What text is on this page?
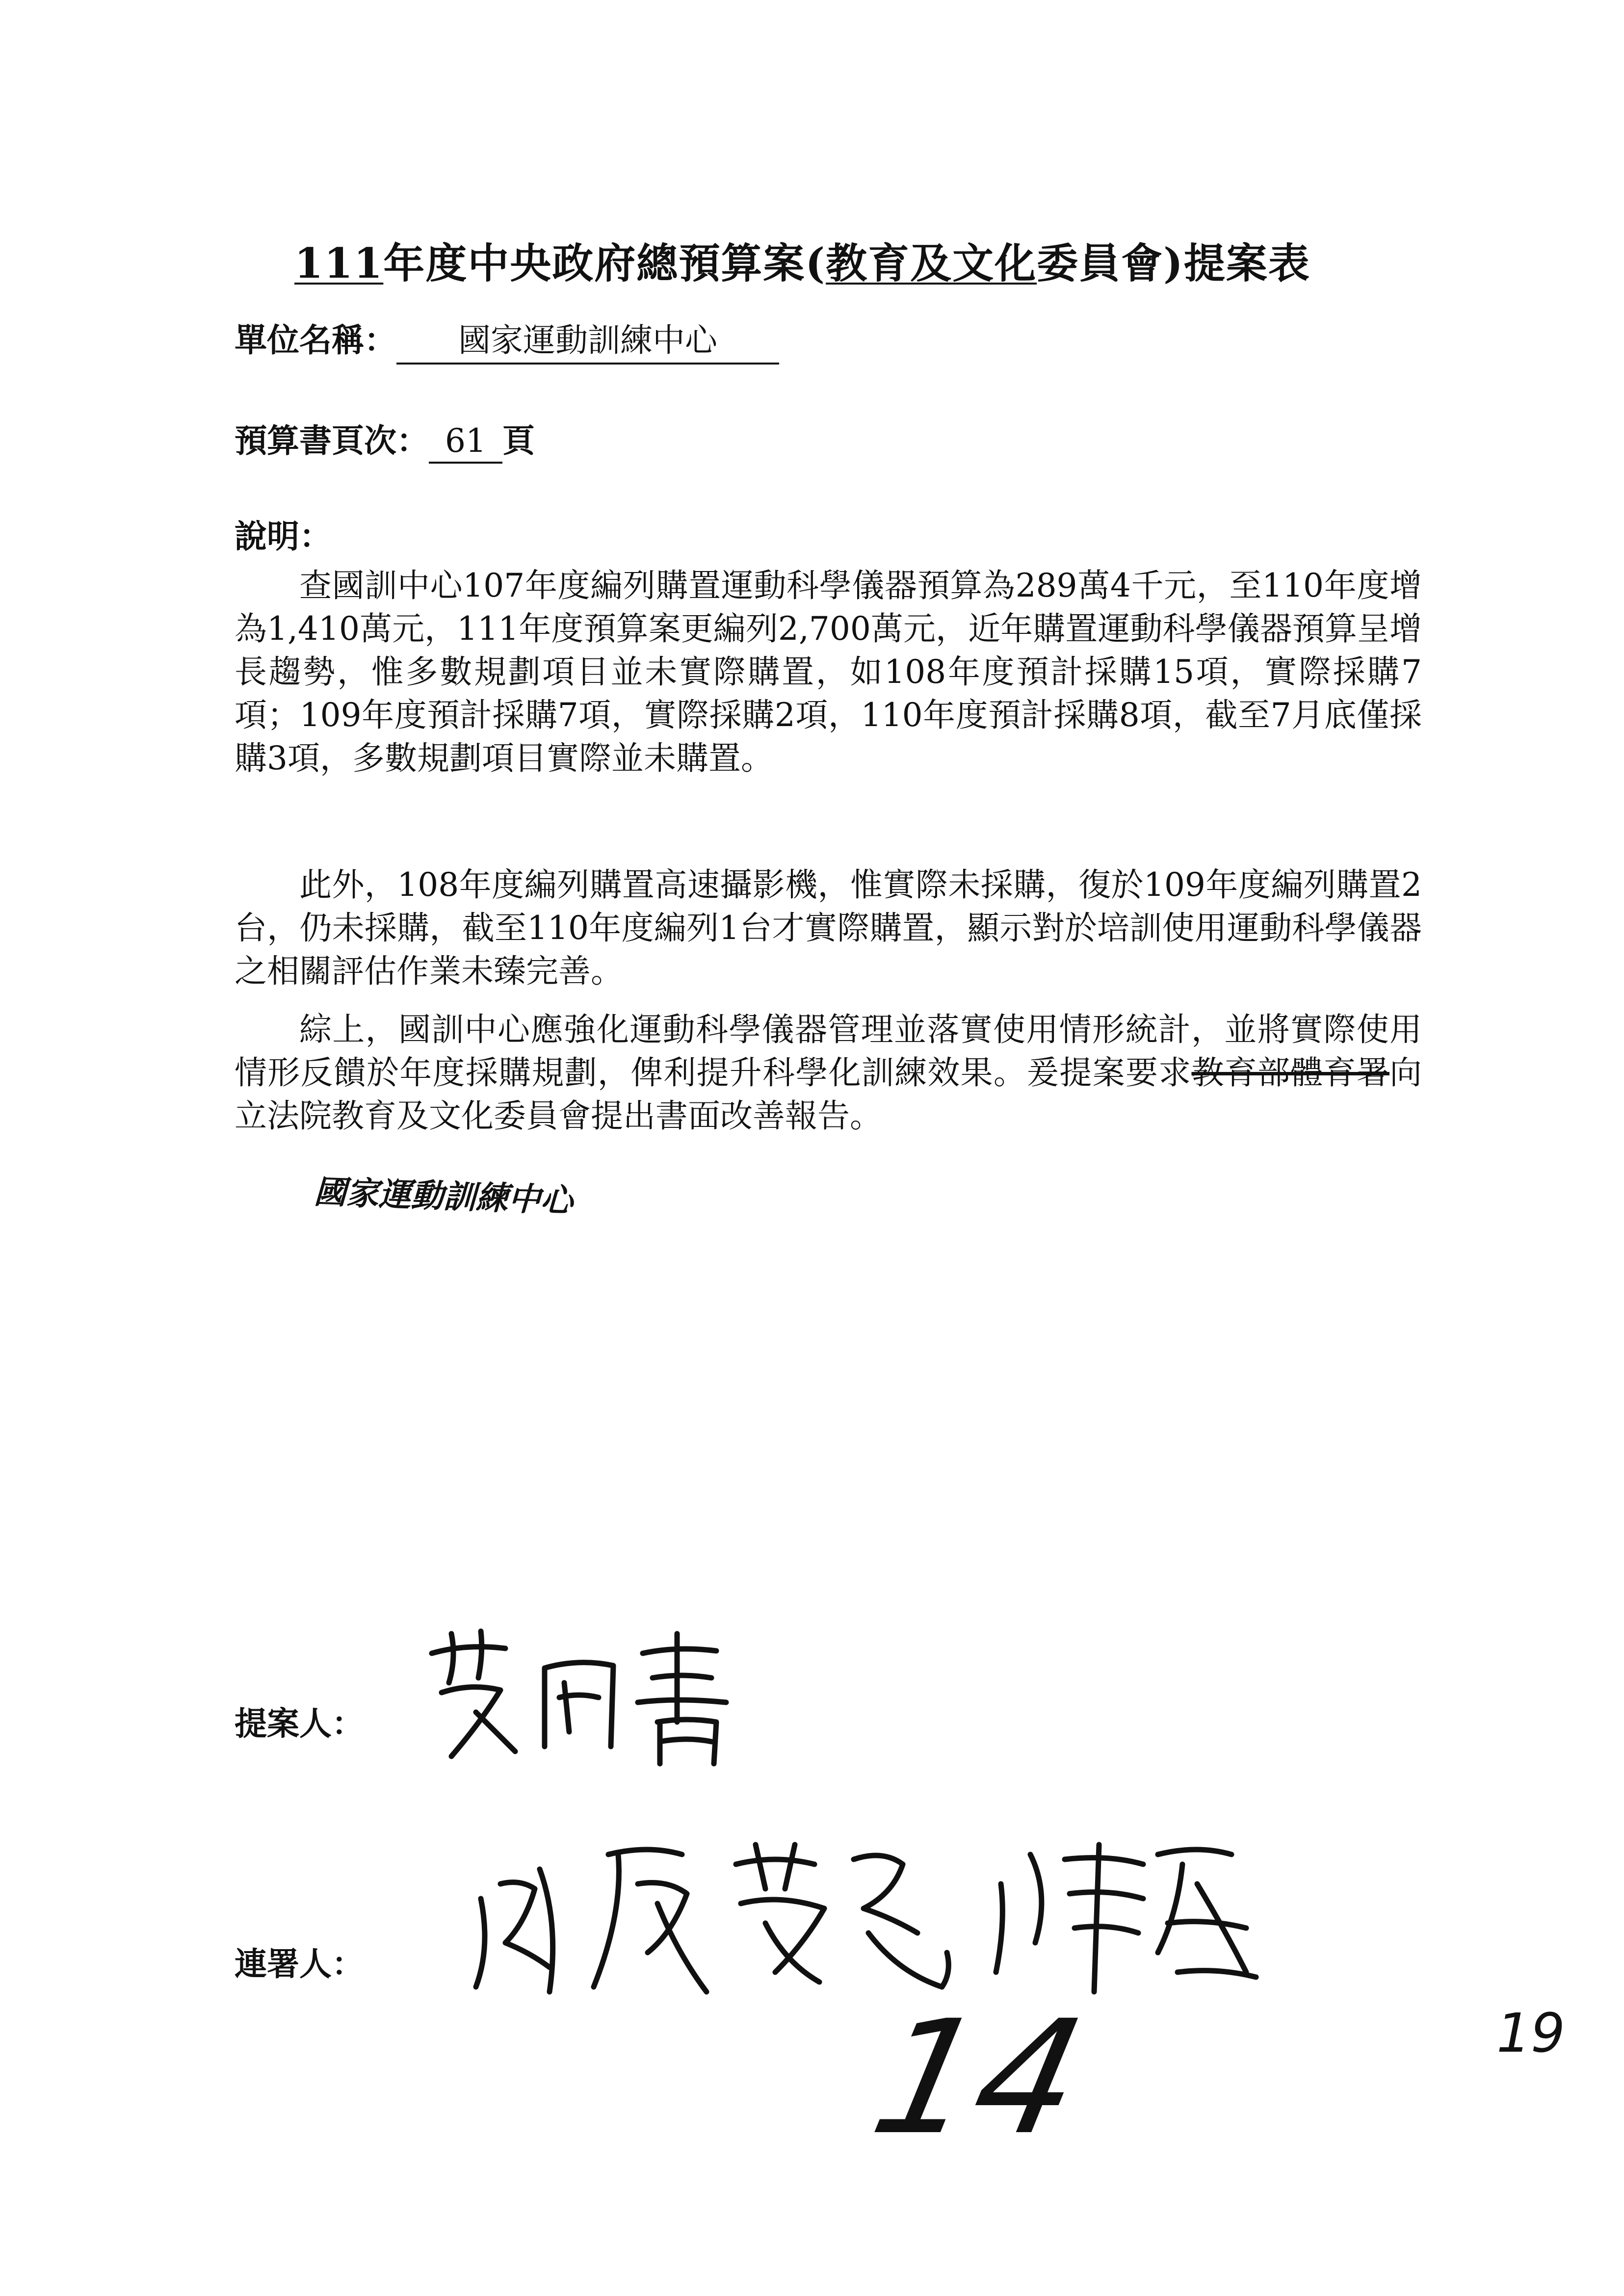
111年度中央政府總預算案(教育及文化委員會)提案表
單位名稱： 國家運動訓練中心
預算書頁次： 61 頁
說明：

查國訓中心107年度編列購置運動科學儀器預算為289萬4千元，至110年度增為1,410萬元，111年度預算案更編列2,700萬元，近年購置運動科學儀器預算呈增長趨勢，惟多數規劃項目並未實際購置，如108年度預計採購15項，實際採購7項；109年度預計採購7項，實際採購2項，110年度預計採購8項，截至7月底僅採購3項，多數規劃項目實際並未購置。

此外，108年度編列購置高速攝影機，惟實際未採購，復於109年度編列購置2台，仍未採購，截至110年度編列1台才實際購置，顯示對於培訓使用運動科學儀器之相關評估作業未臻完善。

綜上，國訓中心應強化運動科學儀器管理並落實使用情形統計，並將實際使用情形反饋於年度採購規劃，俾利提升科學化訓練效果。爰提案要求教育部體育署向立法院教育及文化委員會提出書面改善報告。

國家運動訓練中心
提案人：
連署人：
14	19
